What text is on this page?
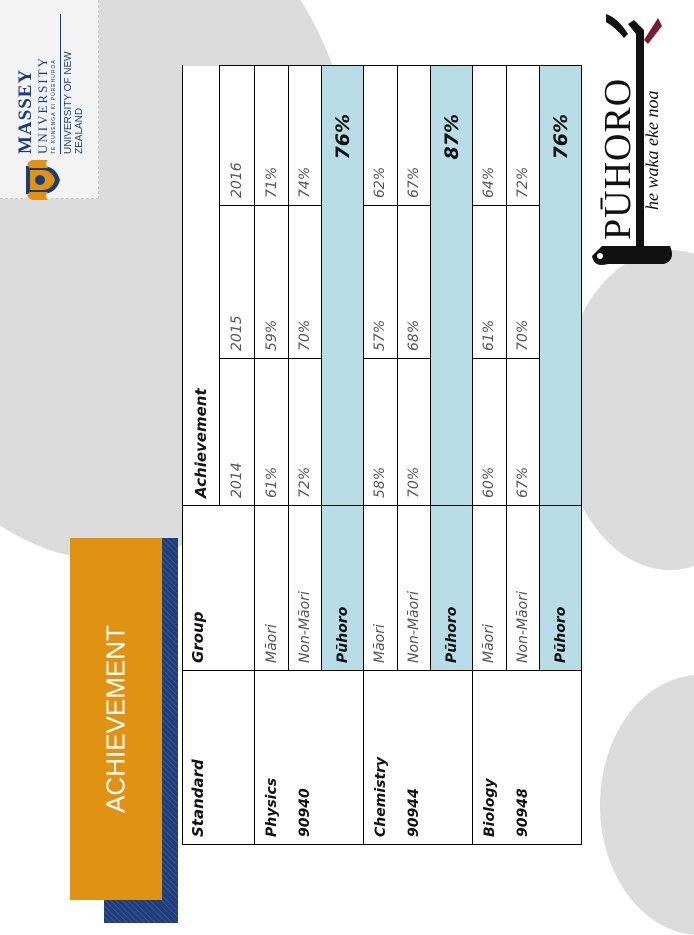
MASSEY UNIVERSITY TE KUNENGA KI PŪREHUROA UNIVERSITY OF NEW ZEALAND
ACHIEVEMENT	Standard	Group	Achievement		
		2014	2015	2016
Physics	Māori	61%	59%	71%
90940	Non-Māori	72%	70%	74%
	Pūhoro	76%		
Chemistry	Māori	58%	57%	62%
90944	Non-Māori	70%	68%	67%
	Pūhoro	87%		
Biology	Māori	60%	61%	64%
90948	Non-Māori	67%	70%	72%
	Pūhoro	76%		PŪHORO he waka eke noa
